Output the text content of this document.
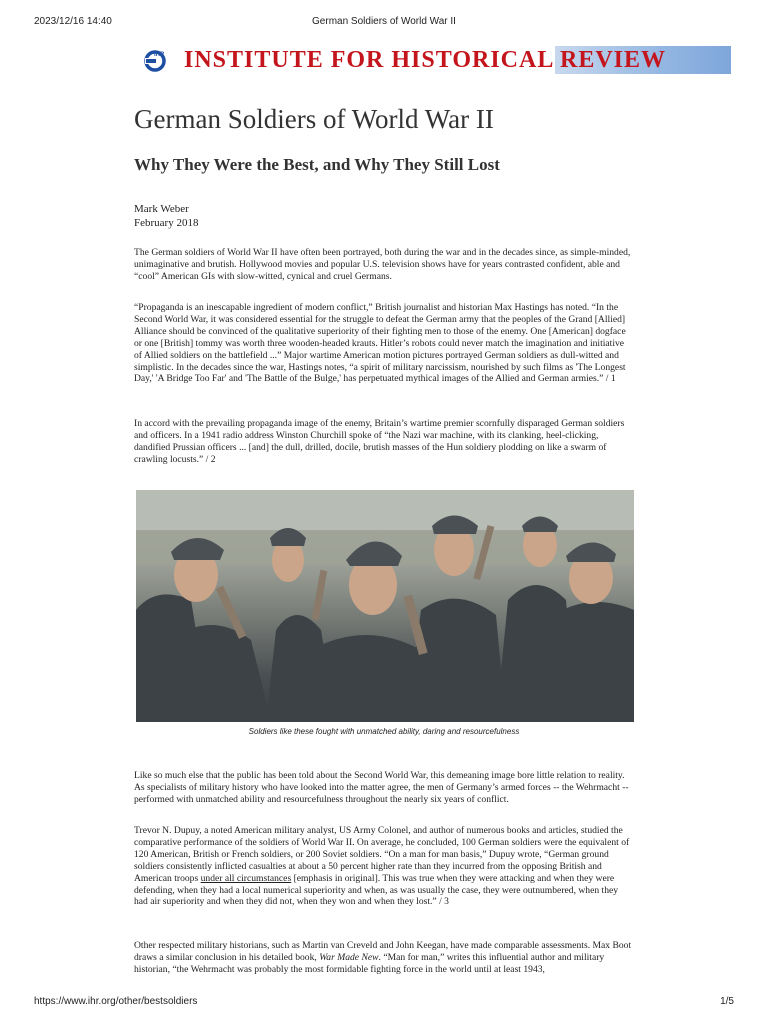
2023/12/16 14:40	German Soldiers of World War II
IHR INSTITUTE FOR HISTORICAL REVIEW
German Soldiers of World War II
Why They Were the Best, and Why They Still Lost
Mark Weber
February 2018

The German soldiers of World War II have often been portrayed, both during the war and in the decades since, as simple-minded, unimaginative and brutish. Hollywood movies and popular U.S. television shows have for years contrasted confident, able and “cool” American GIs with slow-witted, cynical and cruel Germans.

“Propaganda is an inescapable ingredient of modern conflict,” British journalist and historian Max Hastings has noted. “In the Second World War, it was considered essential for the struggle to defeat the German army that the peoples of the Grand [Allied] Alliance should be convinced of the qualitative superiority of their fighting men to those of the enemy. One [American] dogface or one [British] tommy was worth three wooden-headed krauts. Hitler’s robots could never match the imagination and initiative of Allied soldiers on the battlefield ...” Major wartime American motion pictures portrayed German soldiers as dull-witted and simplistic. In the decades since the war, Hastings notes, “a spirit of military narcissism, nourished by such films as 'The Longest Day,' 'A Bridge Too Far' and 'The Battle of the Bulge,' has perpetuated mythical images of the Allied and German armies.” / 1

In accord with the prevailing propaganda image of the enemy, Britain’s wartime premier scornfully disparaged German soldiers and officers. In a 1941 radio address Winston Churchill spoke of “the Nazi war machine, with its clanking, heel-clicking, dandified Prussian officers ... [and] the dull, drilled, docile, brutish masses of the Hun soldiery plodding on like a swarm of crawling locusts.” / 2

Soldiers like these fought with unmatched ability, daring and resourcefulness

Like so much else that the public has been told about the Second World War, this demeaning image bore little relation to reality. As specialists of military history who have looked into the matter agree, the men of Germany’s armed forces -- the Wehrmacht -- performed with unmatched ability and resourcefulness throughout the nearly six years of conflict.

Trevor N. Dupuy, a noted American military analyst, US Army Colonel, and author of numerous books and articles, studied the comparative performance of the soldiers of World War II. On average, he concluded, 100 German soldiers were the equivalent of 120 American, British or French soldiers, or 200 Soviet soldiers. “On a man for man basis,” Dupuy wrote, “German ground soldiers consistently inflicted casualties at about a 50 percent higher rate than they incurred from the opposing British and American troops under all circumstances [emphasis in original]. This was true when they were attacking and when they were defending, when they had a local numerical superiority and when, as was usually the case, they were outnumbered, when they had air superiority and when they did not, when they won and when they lost.” / 3

Other respected military historians, such as Martin van Creveld and John Keegan, have made comparable assessments. Max Boot draws a similar conclusion in his detailed book, War Made New. “Man for man,” writes this influential author and military historian, “the Wehrmacht was probably the most formidable fighting force in the world until at least 1943,

https://www.ihr.org/other/bestsoldiers	1/5
